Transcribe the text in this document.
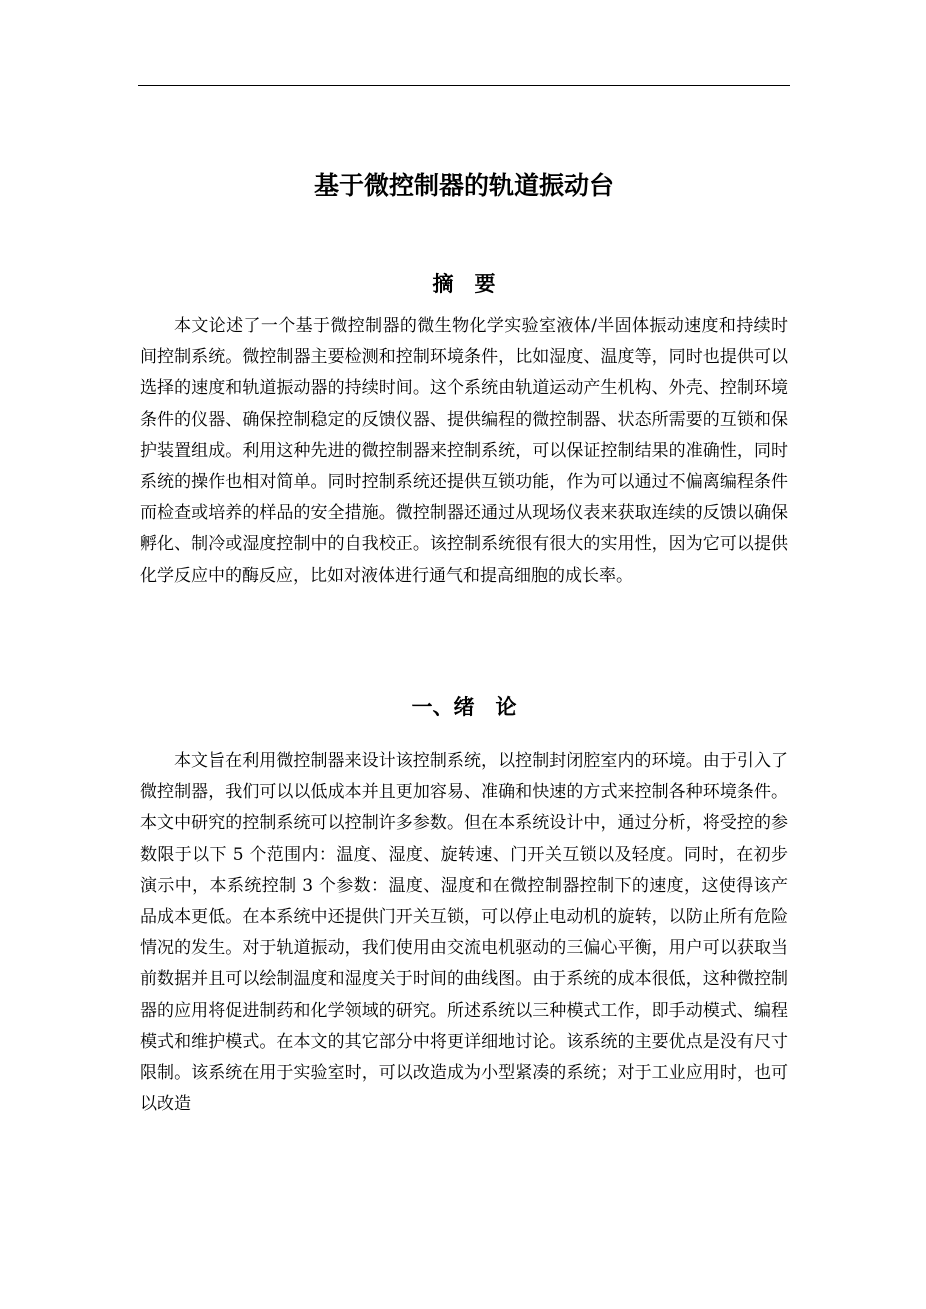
基于微控制器的轨道振动台
摘　要

本文论述了一个基于微控制器的微生物化学实验室液体/半固体振动速度和持续时间控制系统。微控制器主要检测和控制环境条件，比如湿度、温度等，同时也提供可以选择的速度和轨道振动器的持续时间。这个系统由轨道运动产生机构、外壳、控制环境条件的仪器、确保控制稳定的反馈仪器、提供编程的微控制器、状态所需要的互锁和保护装置组成。利用这种先进的微控制器来控制系统，可以保证控制结果的准确性，同时系统的操作也相对简单。同时控制系统还提供互锁功能，作为可以通过不偏离编程条件而检查或培养的样品的安全措施。微控制器还通过从现场仪表来获取连续的反馈以确保孵化、制冷或湿度控制中的自我校正。该控制系统很有很大的实用性，因为它可以提供化学反应中的酶反应，比如对液体进行通气和提高细胞的成长率。

一、绪　论

本文旨在利用微控制器来设计该控制系统，以控制封闭腔室内的环境。由于引入了微控制器，我们可以以低成本并且更加容易、准确和快速的方式来控制各种环境条件。本文中研究的控制系统可以控制许多参数。但在本系统设计中，通过分析，将受控的参数限于以下 5 个范围内：温度、湿度、旋转速、门开关互锁以及轻度。同时，在初步演示中，本系统控制 3 个参数：温度、湿度和在微控制器控制下的速度，这使得该产品成本更低。在本系统中还提供门开关互锁，可以停止电动机的旋转，以防止所有危险情况的发生。对于轨道振动，我们使用由交流电机驱动的三偏心平衡，用户可以获取当前数据并且可以绘制温度和湿度关于时间的曲线图。由于系统的成本很低，这种微控制器的应用将促进制药和化学领域的研究。所述系统以三种模式工作，即手动模式、编程模式和维护模式。在本文的其它部分中将更详细地讨论。该系统的主要优点是没有尺寸限制。该系统在用于实验室时，可以改造成为小型紧凑的系统；对于工业应用时，也可以改造
